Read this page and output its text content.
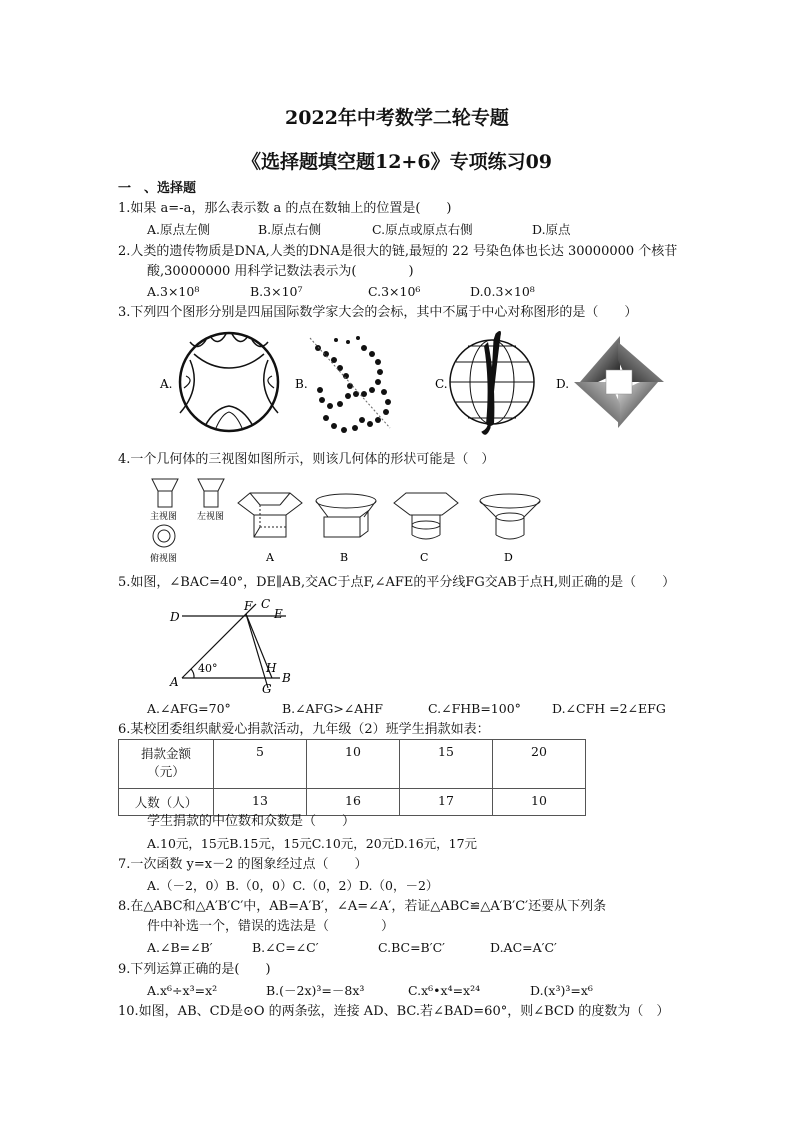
2022年中考数学二轮专题
《选择题填空题12+6》专项练习09
一　、选择题
1.如果 a=-a，那么表示数 a 的点在数轴上的位置是(　　)
A.原点左侧	B.原点右侧	C.原点或原点右侧	D.原点
2.人类的遗传物质是DNA,人类的DNA是很大的链,最短的 22 号染色体也长达 30000000 个核苷
酸,30000000 用科学记数法表示为(　　　　)
A.3×10⁸	B.3×10⁷	C.3×10⁶	D.0.3×10⁸
3.下列四个图形分别是四届国际数学家大会的会标，其中不属于中心对称图形的是（　　）
A.	B.	C.	D.
4.一个几何体的三视图如图所示，则该几何体的形状可能是（　）
主视图 左视图
俯视图	A	B	C	D
5.如图，∠BAC=40°，DE∥AB,交AC于点F,∠AFE的平分线FG交AB于点H,则正确的是（　　）
D
F C
E
40°	H
A	G
B
A.∠AFG=70°	B.∠AFG>∠AHF	C.∠FHB=100° D.∠CFH =2∠EFG
6.某校团委组织献爱心捐款活动，九年级（2）班学生捐款如表：
捐款金额
（元）	5	10	15	20
人数（人）	13	16	17	10
学生捐款的中位数和众数是（　　）
A.10元，15元B.15元，15元C.10元，20元D.16元，17元
7.一次函数 y=x－2 的图象经过点（　　）
A.（－2，0）B.（0，0）C.（0，2）D.（0，－2）
8.在△ABC和△A′B′C′中，AB=A′B′，∠A=∠A′，若证△ABC≌△A′B′C′还要从下列条
件中补选一个，错误的选法是（　　　　）
A.∠B=∠B′	B.∠C=∠C′	C.BC=B′C′	D.AC=A′C′
9.下列运算正确的是(　　)
A.x⁶÷x³=x²	B.(－2x)³=－8x³	C.x⁶•x⁴=x²⁴	D.(x³)³=x⁶
10.如图，AB、CD是⊙O 的两条弦，连接 AD、BC.若∠BAD=60°，则∠BCD 的度数为（　）
